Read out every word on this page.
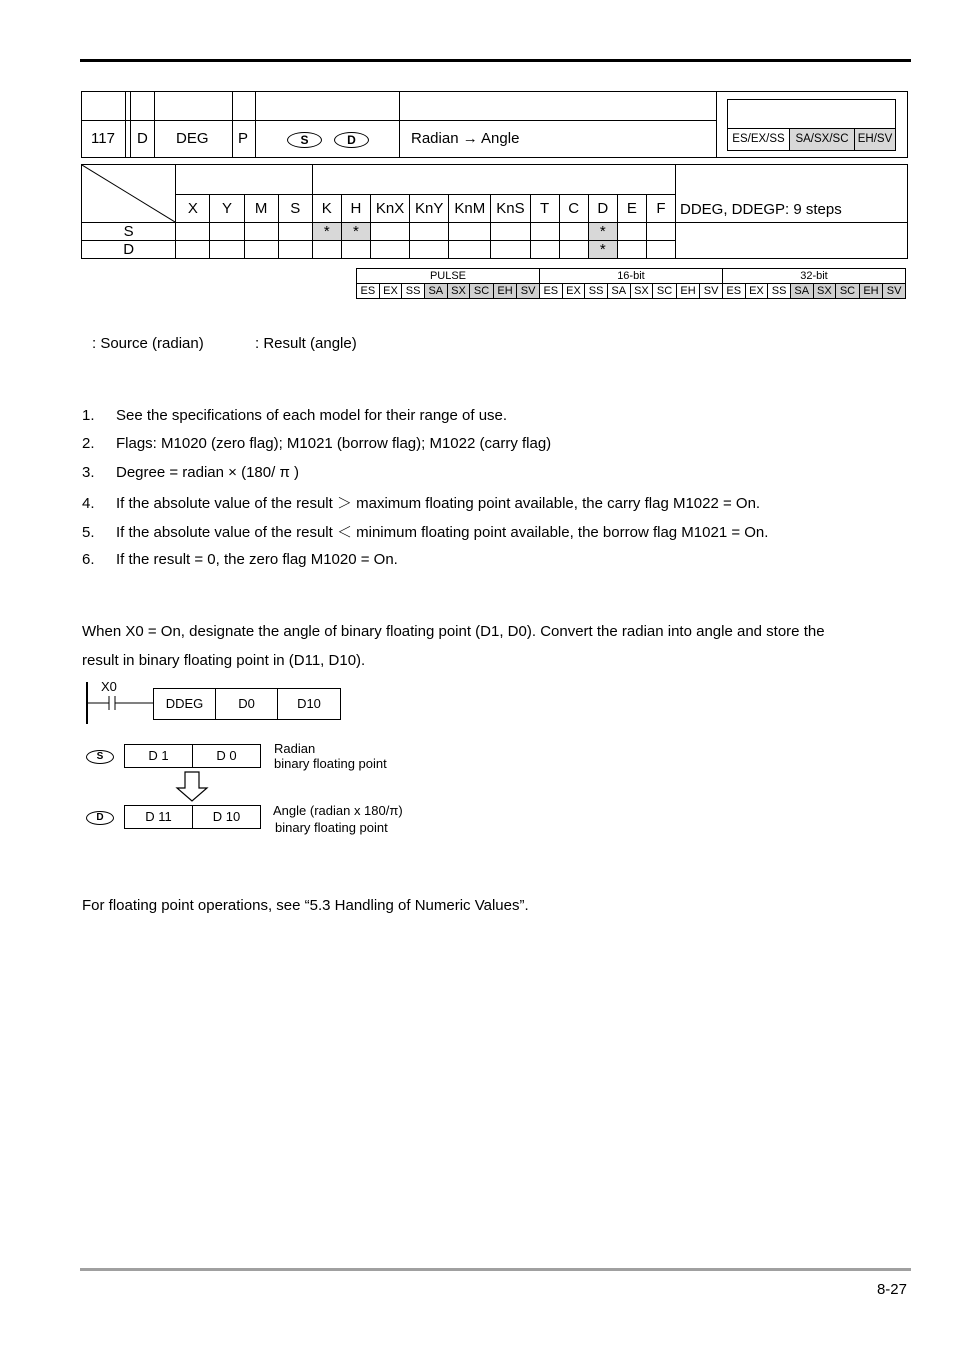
117 D DEG P	S	D	Radian → Angle	ES/EX/SS SA/SX/SC EH/SV
			DDEG, DDEGP: 9 steps
	X	Y	M	S	K	H	KnX	KnY	KnM	KnS	T	C	D	E	F	
S					*	*							*			
D													*			
PULSE								16-bit								32-bit							
ES	EX	SS	SA	SX	SC	EH	SV	ES	EX	SS	SA	SX	SC	EH	SV	ES	EX	SS	SA	SX	SC	EH	SV
: Source (radian)	: Result (angle)
1. See the specifications of each model for their range of use.
2. Flags: M1020 (zero flag); M1021 (borrow flag); M1022 (carry flag)
3. Degree = radian × (180/ π )
4. If the absolute value of the result ＞ maximum floating point available, the carry flag M1022 = On.
5. If the absolute value of the result ＜ minimum floating point available, the borrow flag M1021 = On.
6. If the result = 0, the zero flag M1020 = On.
When X0 = On, designate the angle of binary floating point (D1, D0). Convert the radian into angle and store the
result in binary floating point in (D11, D10).
X0
DDEG	D0	D10
S	D 1	D 0	Radian
binary floating point
D	D 11	D 10	Angle (radian x 180/π)
binary floating point
For floating point operations, see “5.3 Handling of Numeric Values”.
8-27
